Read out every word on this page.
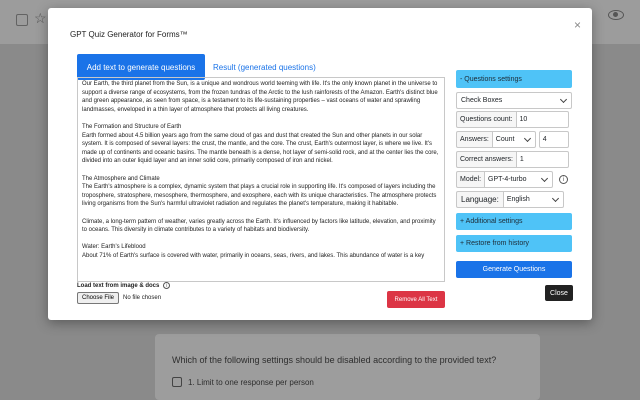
☆
Which of the following settings should be disabled according to the provided text?
1. Limit to one response per person
GPT Quiz Generator for Forms™
×
Add text to generate questions	Result (generated questions)

Our Earth, the third planet from the Sun, is a unique and wondrous world teeming with life. It's the only known planet in the universe to support a diverse range of ecosystems, from the frozen tundras of the Arctic to the lush rainforests of the Amazon. Earth's distinct blue and green appearance, as seen from space, is a testament to its life-sustaining properties – vast oceans of water and sprawling landmasses, enveloped in a thin layer of atmosphere that protects all living creatures.

The Formation and Structure of Earth
Earth formed about 4.5 billion years ago from the same cloud of gas and dust that created the Sun and other planets in our solar system. It is composed of several layers: the crust, the mantle, and the core. The crust, Earth's outermost layer, is where we live. It's made up of continents and oceanic basins. The mantle beneath is a dense, hot layer of semi-solid rock, and at the center lies the core, divided into an outer liquid layer and an inner solid core, primarily composed of iron and nickel.

The Atmosphere and Climate
The Earth's atmosphere is a complex, dynamic system that plays a crucial role in supporting life. It's composed of layers including the troposphere, stratosphere, mesosphere, thermosphere, and exosphere, each with its unique characteristics. The atmosphere protects living organisms from the Sun's harmful ultraviolet radiation and regulates the planet's temperature, making it habitable.

Climate, a long-term pattern of weather, varies greatly across the Earth. It's influenced by factors like latitude, elevation, and proximity to oceans. This diversity in climate contributes to a variety of habitats and biodiversity.

Water: Earth's Lifeblood
About 71% of Earth's surface is covered with water, primarily in oceans, seas, rivers, and lakes. This abundance of water is a key

Load text from image & docs	i
Choose File	No file chosen	Remove All Text
- Questions settings
Check Boxes
Questions count:	10
Answers:	Count	4
Correct answers:	1
Model:	GPT-4-turbo	i
Language:	English
+ Additional settings
+ Restore from history
Generate Questions
Close
